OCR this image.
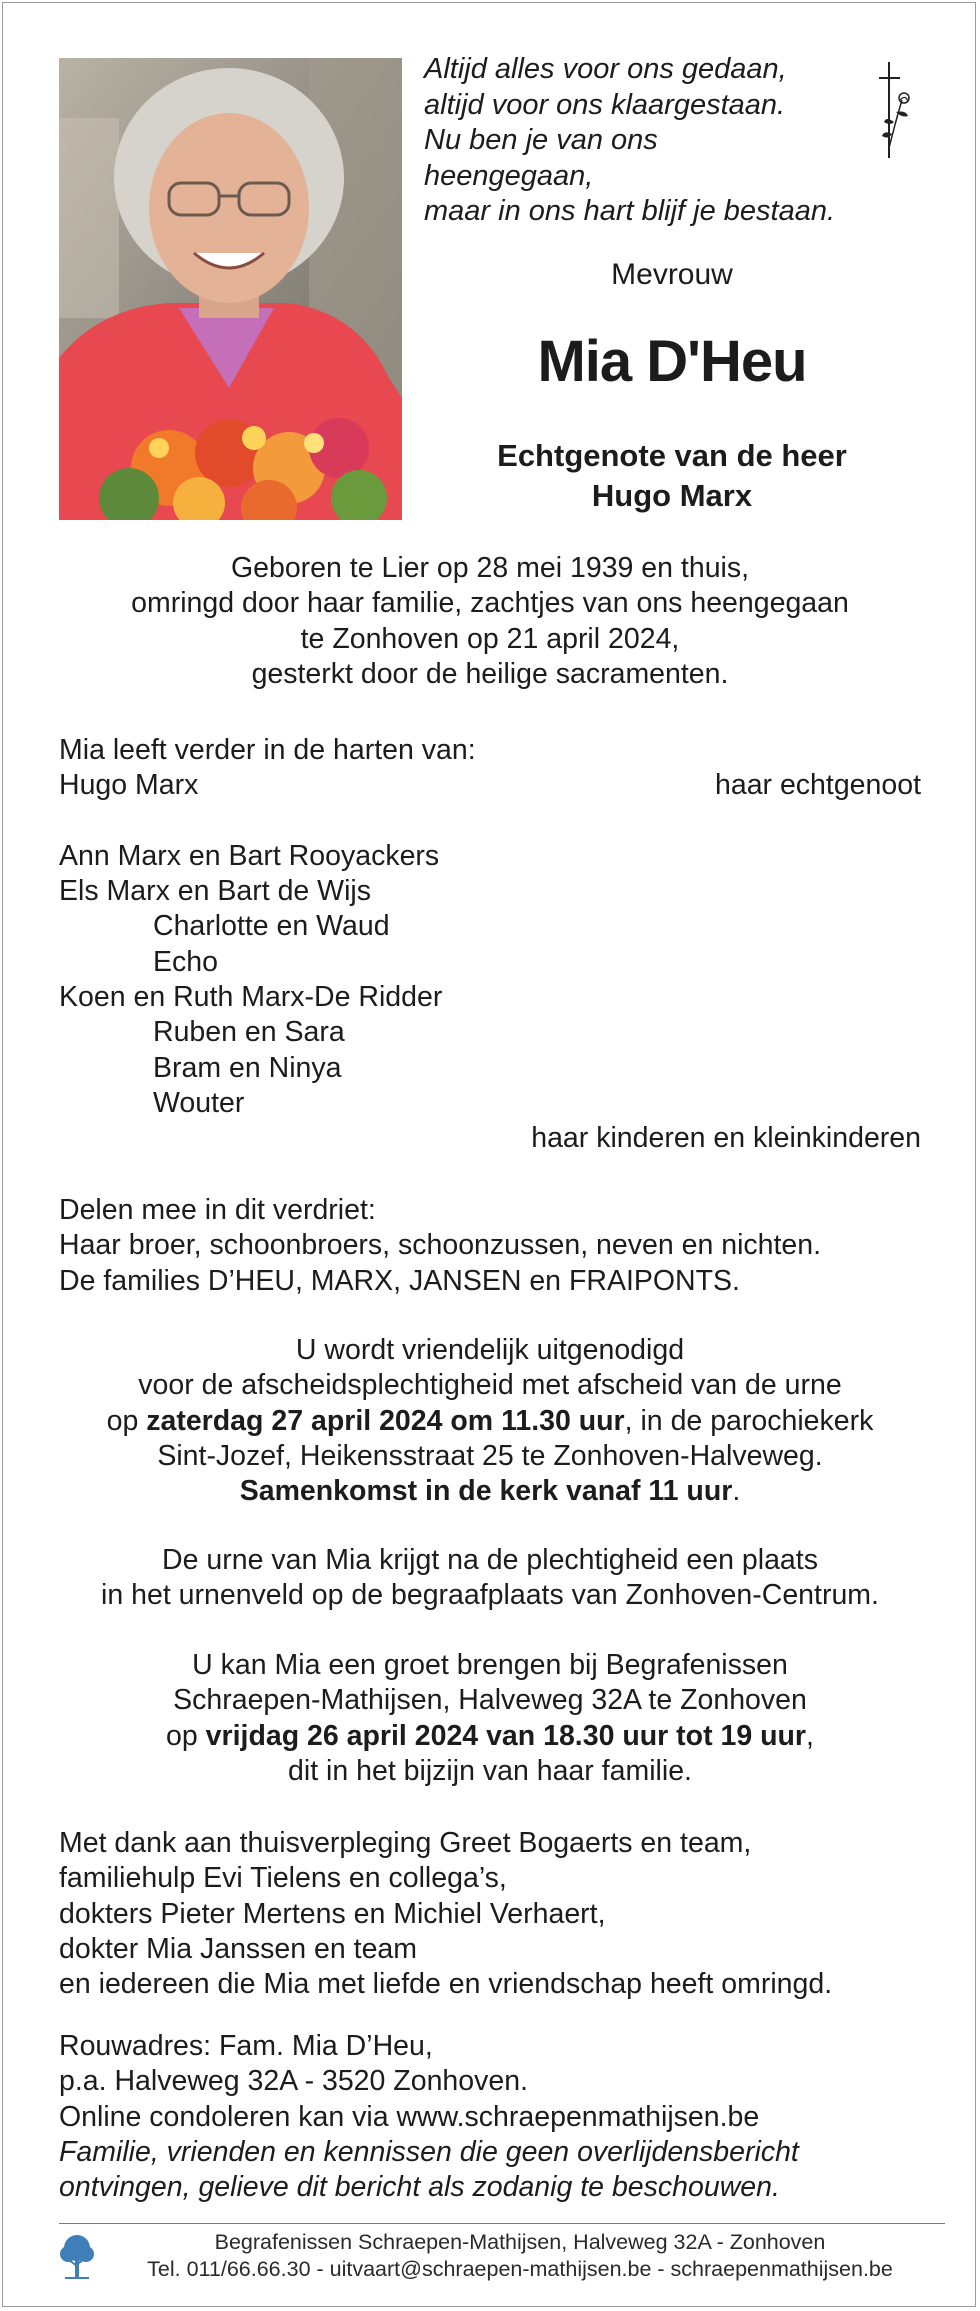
Altijd alles voor ons gedaan,
altijd voor ons klaargestaan.
Nu ben je van ons
heengegaan,
maar in ons hart blijf je bestaan.
Mevrouw
Mia D'Heu
Echtgenote van de heer
Hugo Marx
Geboren te Lier op 28 mei 1939 en thuis,
omringd door haar familie, zachtjes van ons heengegaan
te Zonhoven op 21 april 2024,
gesterkt door de heilige sacramenten.
Mia leeft verder in de harten van:
Hugo Marx	haar echtgenoot
Ann Marx en Bart Rooyackers
Els Marx en Bart de Wijs
Charlotte en Waud
Echo
Koen en Ruth Marx-De Ridder
Ruben en Sara
Bram en Ninya
Wouter
haar kinderen en kleinkinderen
Delen mee in dit verdriet:
Haar broer, schoonbroers, schoonzussen, neven en nichten.
De families D’HEU, MARX, JANSEN en FRAIPONTS.
U wordt vriendelijk uitgenodigd
voor de afscheidsplechtigheid met afscheid van de urne
op zaterdag 27 april 2024 om 11.30 uur, in de parochiekerk
Sint-Jozef, Heikensstraat 25 te Zonhoven-Halveweg.
Samenkomst in de kerk vanaf 11 uur.
De urne van Mia krijgt na de plechtigheid een plaats
in het urnenveld op de begraafplaats van Zonhoven-Centrum.
U kan Mia een groet brengen bij Begrafenissen
Schraepen-Mathijsen, Halveweg 32A te Zonhoven
op vrijdag 26 april 2024 van 18.30 uur tot 19 uur,
dit in het bijzijn van haar familie.
Met dank aan thuisverpleging Greet Bogaerts en team,
familiehulp Evi Tielens en collega’s,
dokters Pieter Mertens en Michiel Verhaert,
dokter Mia Janssen en team
en iedereen die Mia met liefde en vriendschap heeft omringd.
Rouwadres: Fam. Mia D’Heu,
p.a. Halveweg 32A - 3520 Zonhoven.
Online condoleren kan via www.schraepenmathijsen.be
Familie, vrienden en kennissen die geen overlijdensbericht
ontvingen, gelieve dit bericht als zodanig te beschouwen.
Begrafenissen Schraepen-Mathijsen, Halveweg 32A - Zonhoven
Tel. 011/66.66.30 - uitvaart@schraepen-mathijsen.be - schraepenmathijsen.be
